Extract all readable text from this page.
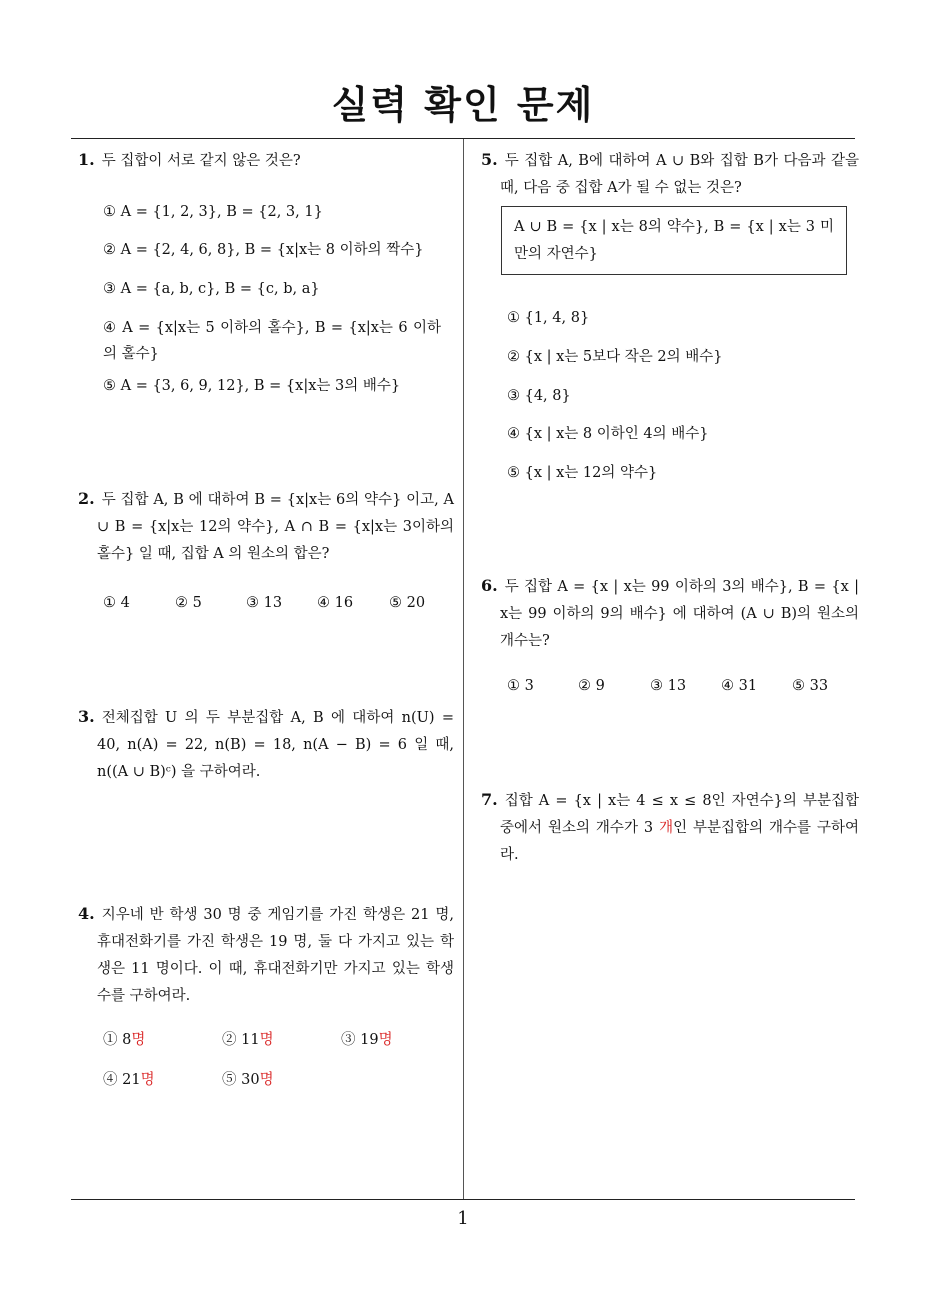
실력 확인 문제
1
1. 두 집합이 서로 같지 않은 것은?
① A = {1, 2, 3}, B = {2, 3, 1}
② A = {2, 4, 6, 8}, B = {x|x는 8 이하의 짝수}
③ A = {a, b, c}, B = {c, b, a}
④ A = {x|x는 5 이하의 홀수}, B = {x|x는 6 이하의 홀수}
⑤ A = {3, 6, 9, 12}, B = {x|x는 3의 배수}
2. 두 집합 A, B 에 대하여 B = {x|x는 6의 약수} 이고, A ∪ B = {x|x는 12의 약수}, A ∩ B = {x|x는 3이하의 홀수} 일 때, 집합 A 의 원소의 합은?
① 4	② 5	③ 13 ④ 16 ⑤ 20
3. 전체집합 U 의 두 부분집합 A, B 에 대하여 n(U) = 40, n(A) = 22, n(B) = 18, n(A − B) = 6 일 때, n((A ∪ B)ᶜ) 을 구하여라.
4. 지우네 반 학생 30 명 중 게임기를 가진 학생은 21 명, 휴대전화기를 가진 학생은 19 명, 둘 다 가지고 있는 학생은 11 명이다. 이 때, 휴대전화기만 가지고 있는 학생 수를 구하여라.
① 8명	② 11명	③ 19명
④ 21명	⑤ 30명
5. 두 집합 A, B에 대하여 A ∪ B와 집합 B가 다음과 같을 때, 다음 중 집합 A가 될 수 없는 것은?
A ∪ B = {x | x는 8의 약수}, B = {x | x는 3 미만의 자연수}
① {1, 4, 8}
② {x | x는 5보다 작은 2의 배수}
③ {4, 8}
④ {x | x는 8 이하인 4의 배수}
⑤ {x | x는 12의 약수}
6. 두 집합 A = {x | x는 99 이하의 3의 배수}, B = {x | x는 99 이하의 9의 배수} 에 대하여 (A ∪ B)의 원소의 개수는?
① 3	② 9	③ 13 ④ 31 ⑤ 33
7. 집합 A = {x | x는 4 ≤ x ≤ 8인 자연수}의 부분집합 중에서 원소의 개수가 3 개인 부분집합의 개수를 구하여라.
